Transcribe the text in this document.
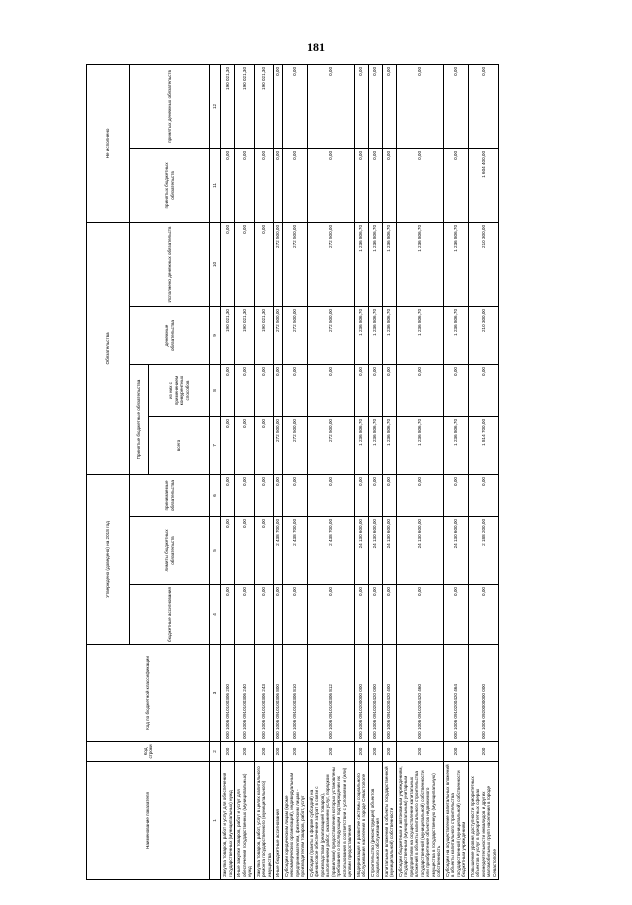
181
Наименование показателя	Код строки	Код по бюджетной классификации	Утверждено (доведено) на 2018 год			Обязательства				Не исполнено	
			бюджетные ассигнования	лимиты бюджетных обязательств	принимаемые обязательства	Принятые бюджетные обязательства		денежные обязательства	Исполнено денежных обязательств	принятых бюджетных обязательств	принятых денежных обязательств
						всего	из них с применением конкурентных способов				
1	2	3	4	5	6	7	8	9	10	11	12
Закупка товаров, работ и услуг для обеспечения государственных (муниципальных) нужд	200	000 1006 0910100306 200	0,00	0,00	0,00	0,00	0,00	190 021,30	0,00	0,00	190 021,30
Иные закупки товаров, работ и услуг для обеспечения государственных (муниципальных) нужд	200	000 1006 0910100306 240	0,00	0,00	0,00	0,00	0,00	190 021,30	0,00	0,00	190 021,30
Закупка товаров, работ, услуг в целях капитального ремонта государственного (муниципального) имущества	200	000 1006 0910100306 243	0,00	0,00	0,00	0,00	0,00	190 021,30	0,00	0,00	190 021,30
Иные бюджетные ассигнования	200	000 1006 0910100306 800	0,00	2 438 700,00	0,00	272 500,00	0,00	272 500,00	272 500,00	0,00	0,00
Субсидии юридическим лицам (кроме некоммерческих организаций), индивидуальным предпринимателям, физическим лицам - производителям товаров, работ, услуг	200	000 1006 0910100306 810	0,00	2 438 700,00	0,00	272 500,00	0,00	272 500,00	272 500,00	0,00	0,00
Субсидии (гранты в форме субсидий) на финансовое обеспечение затрат в связи с производством (реализацией товаров), выполнением работ, оказанием услуг, порядком (правилами) предоставления которых установлены требования о последующем подтверждении их использования в соответствии с условиями и (или) целями предоставления	200	000 1006 0910100306 812	0,00	2 438 700,00	0,00	272 500,00	0,00	272 500,00	272 500,00	0,00	0,00
Модернизация и развитие системы социального обслуживания населения в городе Севастополе	200	000 1006 0910200000 000	0,00	24 130 600,00	0,00	1 236 806,70	0,00	1 236 806,70	1 236 806,70	0,00	0,00
Строительство (реконструкция) объектов социального обслуживания	200	000 1006 0910200420 000	0,00	24 130 600,00	0,00	1 236 806,70	0,00	1 236 806,70	1 236 806,70	0,00	0,00
Капитальные вложения в объекты государственной (муниципальной) собственности	200	000 1006 0910200420 400	0,00	24 130 600,00	0,00	1 236 806,70	0,00	1 236 806,70	1 236 806,70	0,00	0,00
Субсидии бюджетным и автономным учреждениям, государственным (муниципальным) унитарным предприятиям на осуществление капитальных вложений в объекты капитального строительства государственной (муниципальной) собственности или приобретение объектов недвижимого имущества в государственную (муниципальную) собственность	200	000 1006 0910200420 460	0,00	24 130 600,00	0,00	1 236 806,70	0,00	1 236 806,70	1 236 806,70	0,00	0,00
Субсидии на осуществление капитальных вложений в объекты капитального строительства государственной (муниципальной) собственности бюджетным учреждениям	200	000 1006 0910200420 464	0,00	24 130 600,00	0,00	1 236 806,70	0,00	1 236 806,70	1 236 806,70	0,00	0,00
Повышение уровня доступности приоритетных объектов и услуг в приоритетных сферах жизнедеятельности инвалидов и других маломобильных групп населения в городе Севастополе	200	000 1006 0920000000 000	0,00	2 188 200,00	0,00	1 814 700,00	0,00	210 300,00	210 300,00	1 604 400,00	0,00
